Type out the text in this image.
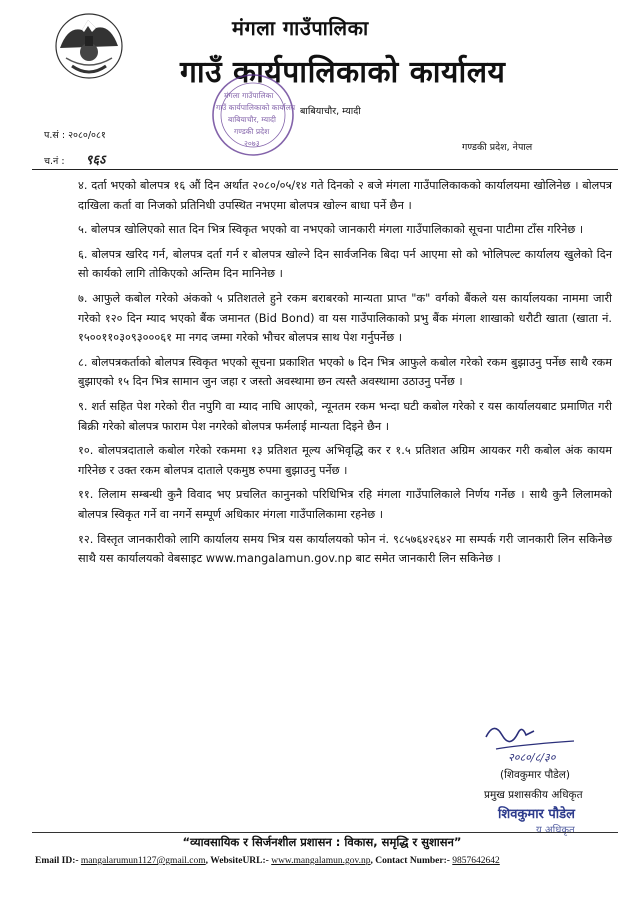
मंगला गाउँपालिका
गाउँ कार्यपालिकाको कार्यालय
बाबियाचौर, म्यादी
मंगला गाउँपालिका
गाउँ कार्यपालिकाको कार्यालय
बाबियाचौर, म्यादी
गण्डकी प्रदेश
२०७३
प.सं : २०८०/०८१
च.नं : ९६ऽ
गण्डकी प्रदेश, नेपाल
४. दर्ता भएको बोलपत्र १६ औं दिन अर्थात २०८०/०५/१४ गते दिनको २ बजे मंगला गाउँपालिकाकको कार्यालयमा खोलिनेछ । बोलपत्र दाखिला कर्ता वा निजको प्रतिनिधी उपस्थित नभएमा बोलपत्र खोल्न बाधा पर्ने छैन ।
५. बोलपत्र खोलिएको सात दिन भित्र स्विकृत भएको वा नभएको जानकारी मंगला गाउँपालिकाको सूचना पाटीमा टाँस गरिनेछ ।
६. बोलपत्र खरिद गर्न, बोलपत्र दर्ता गर्न र बोलपत्र खोल्ने दिन सार्वजनिक बिदा पर्न आएमा सो को भोलिपल्ट कार्यालय खुलेको दिन सो कार्यको लागि तोकिएको अन्तिम दिन मानिनेछ ।
७. आफुले कबोल गरेको अंकको ५ प्रतिशतले हुने रकम बराबरको मान्यता प्राप्त "क" वर्गको बैंकले यस कार्यालयका नाममा जारी गरेको १२० दिन म्याद भएको बैंक जमानत (Bid Bond) वा यस गाउँपालिकाको प्रभु बैंक मंगला शाखाको धरौटी खाता (खाता नं. १५००११०३०९३०००६१ मा नगद जम्मा गरेको भौचर बोलपत्र साथ पेश गर्नुपर्नेछ ।
८. बोलपत्रकर्ताको बोलपत्र स्विकृत भएको सूचना प्रकाशित भएको ७ दिन भित्र आफुले कबोल गरेको रकम बुझाउनु पर्नेछ साथै रकम बुझाएको १५ दिन भित्र सामान जुन जहा र जस्तो अवस्थामा छन त्यस्तै अवस्थामा उठाउनु पर्नेछ ।
९. शर्त सहित पेश गरेको रीत नपुगि वा म्याद नाघि आएको, न्यूनतम रकम भन्दा घटी कबोल गरेको र यस कार्यालयबाट प्रमाणित गरी बिक्री गरेको बोलपत्र फाराम पेश नगरेको बोलपत्र फर्मलाई मान्यता दिइने छैन ।
१०. बोलपत्रदाताले कबोल गरेको रकममा १३ प्रतिशत मूल्य अभिवृद्धि कर र १.५ प्रतिशत अग्रिम आयकर गरी कबोल अंक कायम गरिनेछ र उक्त रकम बोलपत्र दाताले एकमुष्ठ रुपमा बुझाउनु पर्नेछ ।
११. लिलाम सम्बन्धी कुनै विवाद भए प्रचलित कानुनको परिधिभित्र रहि मंगला गाउँपालिकाले निर्णय गर्नेछ । साथै कुनै लिलामको बोलपत्र स्विकृत गर्ने वा नगर्ने सम्पूर्ण अधिकार मंगला गाउँपालिकामा रहनेछ ।
१२. विस्तृत जानकारीको लागि कार्यालय समय भित्र यस कार्यालयको फोन नं. ९८५७६४२६४२ मा सम्पर्क गरी जानकारी लिन सकिनेछ साथै यस कार्यालयको वेबसाइट www.mangalamun.gov.np बाट समेत जानकारी लिन सकिनेछ ।
२०८०/८/३०
(शिवकुमार पौडेल)
प्रमुख प्रशासकीय अधिकृत
शिवकुमार पौडेल
य अधिकृत
“व्यावसायिक र सिर्जनशील प्रशासन : विकास, समृद्धि र सुशासन”
Email ID:- mangalarumun1127@gmail.com, WebsiteURL:- www.mangalamun.gov.np, Contact Number:- 9857642642
